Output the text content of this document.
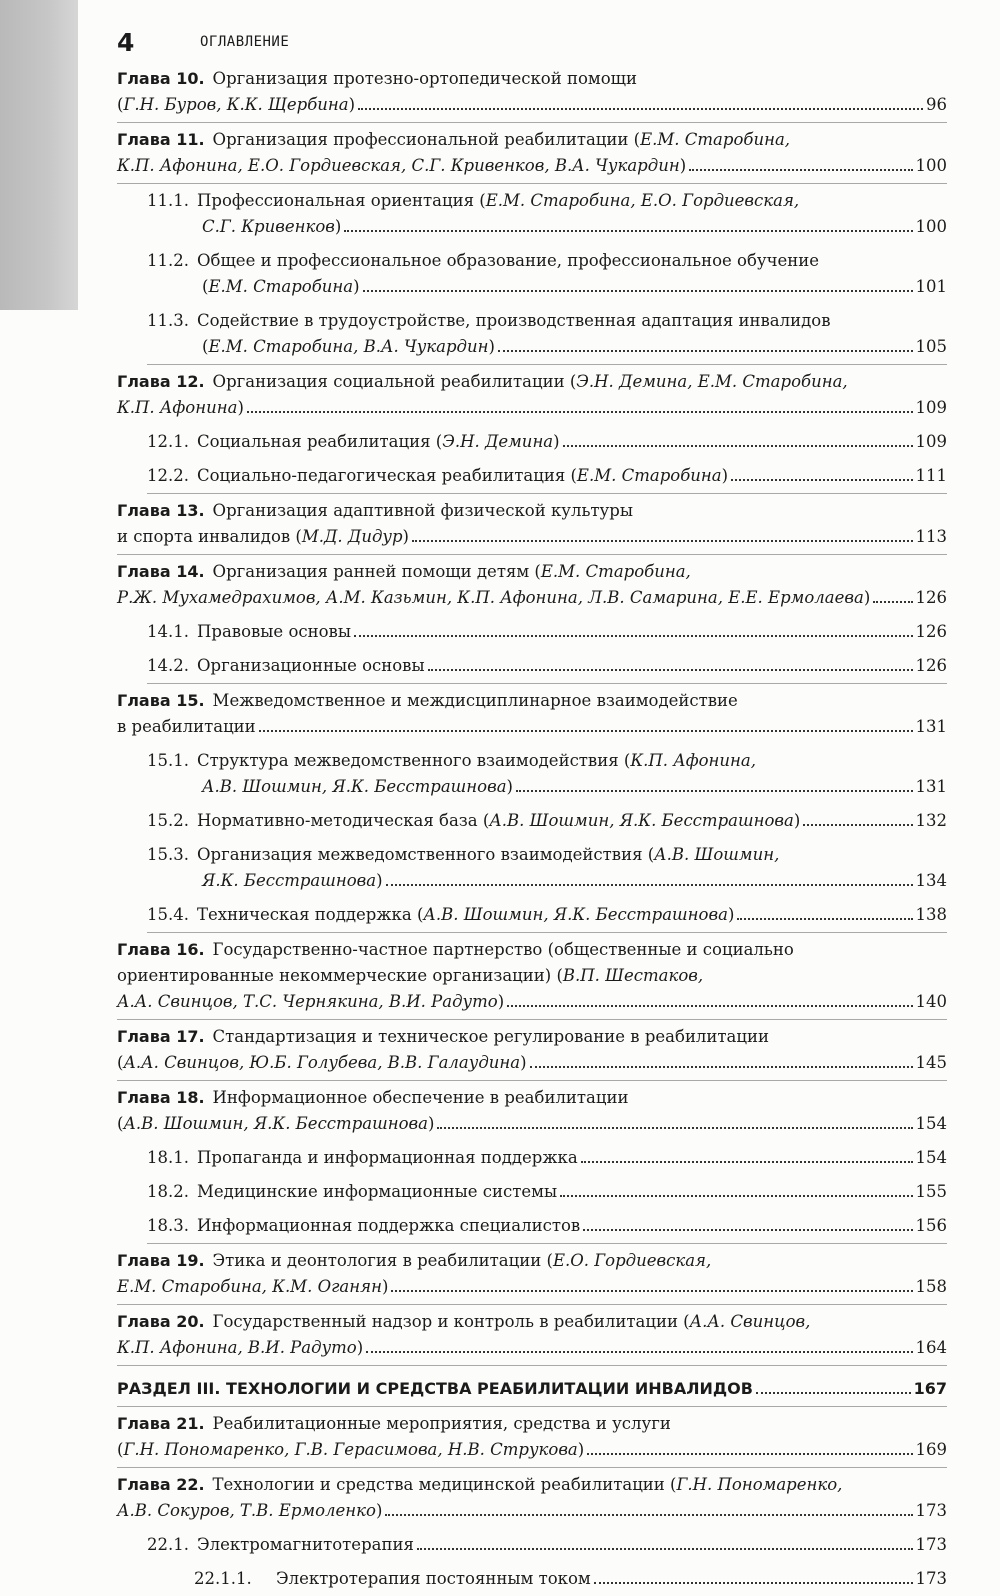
4	ОГЛАВЛЕНИЕ
Глава 10. Организация протезно-ортопедической помощи
(Г.Н. Буров, К.К. Щербина)	96
Глава 11. Организация профессиональной реабилитации (Е.М. Старобина,
К.П. Афонина, Е.О. Гордиевская, С.Г. Кривенков, В.А. Чукардин)	100
11.1. Профессиональная ориентация (Е.М. Старобина, Е.О. Гордиевская,
С.Г. Кривенков)	100
11.2. Общее и профессиональное образование, профессиональное обучение
(Е.М. Старобина)	101
11.3. Содействие в трудоустройстве, производственная адаптация инвалидов
(Е.М. Старобина, В.А. Чукардин)	105
Глава 12. Организация социальной реабилитации (Э.Н. Демина, Е.М. Старобина,
К.П. Афонина)	109
12.1. Социальная реабилитация (Э.Н. Демина)	109
12.2. Социально-педагогическая реабилитация (Е.М. Старобина)	111
Глава 13. Организация адаптивной физической культуры
и спорта инвалидов (М.Д. Дидур)	113
Глава 14. Организация ранней помощи детям (Е.М. Старобина,
Р.Ж. Мухамедрахимов, А.М. Казьмин, К.П. Афонина, Л.В. Самарина, Е.Е. Ермолаева)	126
14.1. Правовые основы	126
14.2. Организационные основы	126
Глава 15. Межведомственное и междисциплинарное взаимодействие
в реабилитации	131
15.1. Структура межведомственного взаимодействия (К.П. Афонина,
А.В. Шошмин, Я.К. Бесстрашнова)	131
15.2. Нормативно-методическая база (А.В. Шошмин, Я.К. Бесстрашнова)	132
15.3. Организация межведомственного взаимодействия (А.В. Шошмин,
Я.К. Бесстрашнова)	134
15.4. Техническая поддержка (А.В. Шошмин, Я.К. Бесстрашнова)	138
Глава 16. Государственно-частное партнерство (общественные и социально
ориентированные некоммерческие организации) (В.П. Шестаков,
А.А. Свинцов, Т.С. Чернякина, В.И. Радуто)	140
Глава 17. Стандартизация и техническое регулирование в реабилитации
(А.А. Свинцов, Ю.Б. Голубева, В.В. Галаудина)	145
Глава 18. Информационное обеспечение в реабилитации
(А.В. Шошмин, Я.К. Бесстрашнова)	154
18.1. Пропаганда и информационная поддержка	154
18.2. Медицинские информационные системы	155
18.3. Информационная поддержка специалистов	156
Глава 19. Этика и деонтология в реабилитации (Е.О. Гордиевская,
Е.М. Старобина, К.М. Оганян)	158
Глава 20. Государственный надзор и контроль в реабилитации (А.А. Свинцов,
К.П. Афонина, В.И. Радуто)	164
РАЗДЕЛ III. ТЕХНОЛОГИИ И СРЕДСТВА РЕАБИЛИТАЦИИ ИНВАЛИДОВ	167
Глава 21. Реабилитационные мероприятия, средства и услуги
(Г.Н. Пономаренко, Г.В. Герасимова, Н.В. Струкова)	169
Глава 22. Технологии и средства медицинской реабилитации (Г.Н. Пономаренко,
А.В. Сокуров, Т.В. Ермоленко)	173
22.1. Электромагнитотерапия	173
22.1.1. Электротерапия постоянным током	173
